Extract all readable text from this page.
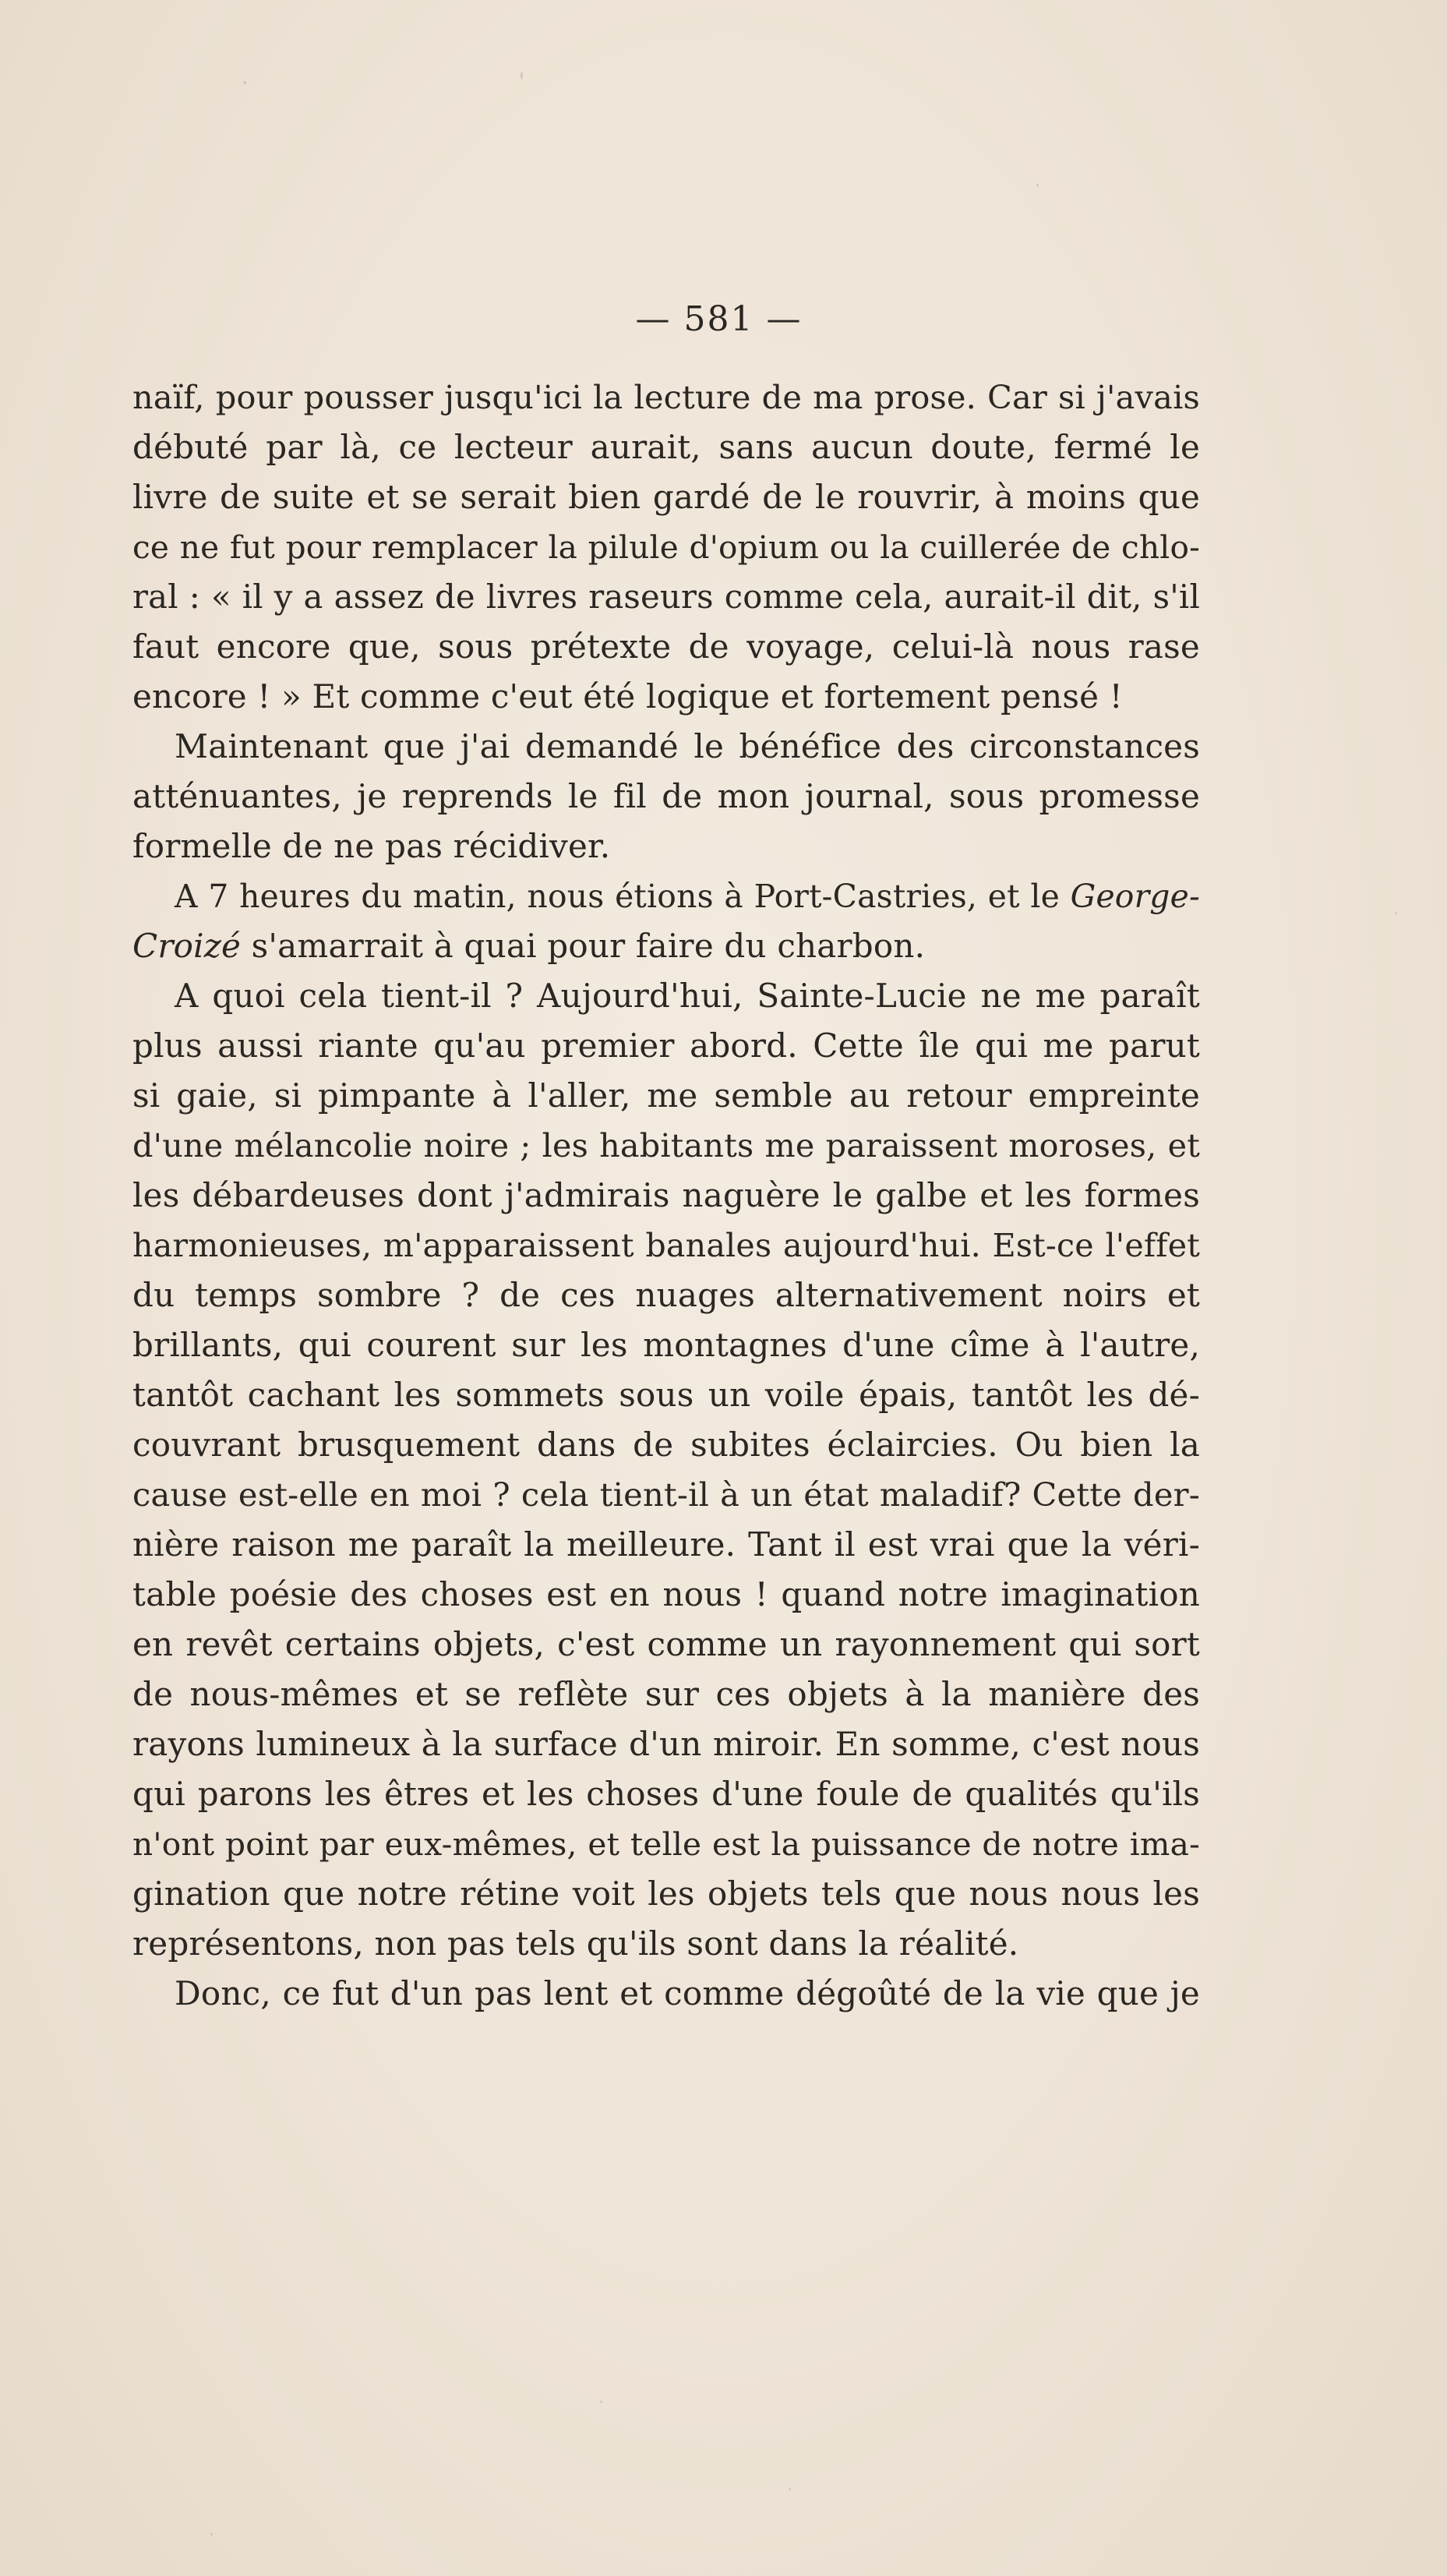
— 581 —
naïf, pour pousser jusqu'ici la lecture de ma prose. Car si j'avais
débuté par là, ce lecteur aurait, sans aucun doute, fermé le
livre de suite et se serait bien gardé de le rouvrir, à moins que
ce ne fut pour remplacer la pilule d'opium ou la cuillerée de chlo-
ral : « il y a assez de livres raseurs comme cela, aurait-il dit, s'il
faut encore que, sous prétexte de voyage, celui-là nous rase
encore ! » Et comme c'eut été logique et fortement pensé !
Maintenant que j'ai demandé le bénéfice des circonstances
atténuantes, je reprends le fil de mon journal, sous promesse
formelle de ne pas récidiver.
A 7 heures du matin, nous étions à Port-Castries, et le George-
Croizé s'amarrait à quai pour faire du charbon.
A quoi cela tient-il ? Aujourd'hui, Sainte-Lucie ne me paraît
plus aussi riante qu'au premier abord. Cette île qui me parut
si gaie, si pimpante à l'aller, me semble au retour empreinte
d'une mélancolie noire ; les habitants me paraissent moroses, et
les débardeuses dont j'admirais naguère le galbe et les formes
harmonieuses, m'apparaissent banales aujourd'hui. Est-ce l'effet
du temps sombre ? de ces nuages alternativement noirs et
brillants, qui courent sur les montagnes d'une cîme à l'autre,
tantôt cachant les sommets sous un voile épais, tantôt les dé-
couvrant brusquement dans de subites éclaircies. Ou bien la
cause est-elle en moi ? cela tient-il à un état maladif? Cette der-
nière raison me paraît la meilleure. Tant il est vrai que la véri-
table poésie des choses est en nous ! quand notre imagination
en revêt certains objets, c'est comme un rayonnement qui sort
de nous-mêmes et se reflète sur ces objets à la manière des
rayons lumineux à la surface d'un miroir. En somme, c'est nous
qui parons les êtres et les choses d'une foule de qualités qu'ils
n'ont point par eux-mêmes, et telle est la puissance de notre ima-
gination que notre rétine voit les objets tels que nous nous les
représentons, non pas tels qu'ils sont dans la réalité.
Donc, ce fut d'un pas lent et comme dégoûté de la vie que je
